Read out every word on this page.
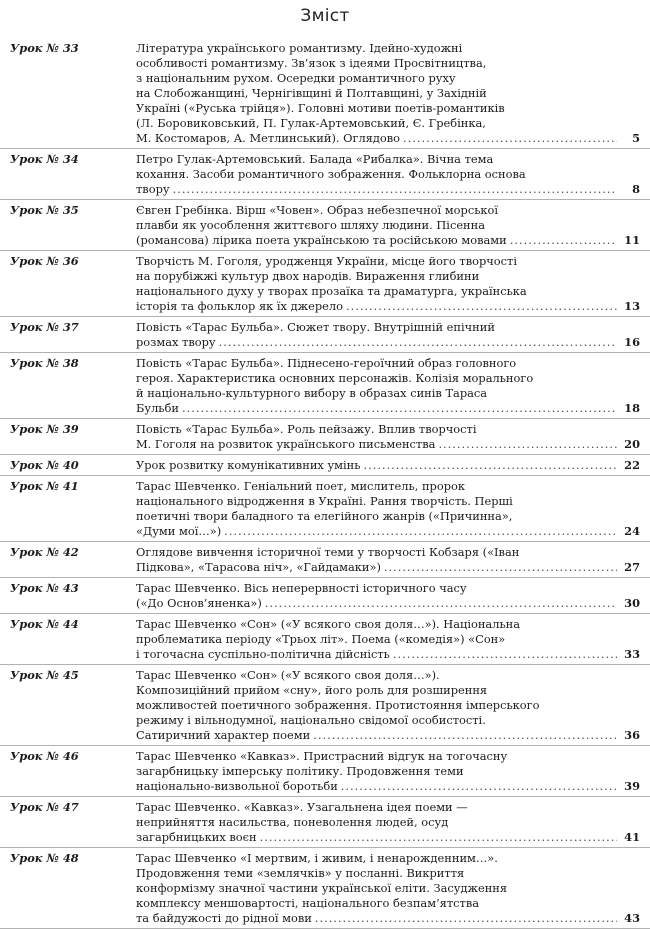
Зміст
Урок № 33	Література українського романтизму. Ідейно-художні
особливості романтизму. Зв’язок з ідеями Просвітництва,
з національним рухом. Осередки романтичного руху
на Слобожанщині, Чернігівщині й Полтавщині, у Західній
Україні («Руська трійця»). Головні мотиви поетів-романтиків
(Л. Боровиковський, П. Гулак-Артемовський, Є. Гребінка,
М. Костомаров, А. Метлинський). Оглядово .....	5
Урок № 34	Петро Гулак-Артемовський. Балада «Рибалка». Вічна тема
кохання. Засоби романтичного зображення. Фольклорна основа
твору .....	8
Урок № 35	Євген Гребінка. Вірш «Човен». Образ небезпечної морської
плавби як уособлення життєвого шляху людини. Пісенна
(романсова) лірика поета українською та російською мовами .....	11
Урок № 36	Творчість М. Гоголя, уродженця України, місце його творчості
на порубіжжі культур двох народів. Вираження глибини
національного духу у творах прозаїка та драматурга, українська
історія та фольклор як їх джерело .....	13
Урок № 37	Повість «Тарас Бульба». Сюжет твору. Внутрішній епічний
розмах твору .....	16
Урок № 38	Повість «Тарас Бульба». Піднесено-героїчний образ головного
героя. Характеристика основних персонажів. Колізія морального
й національно-культурного вибору в образах синів Тараса
Бульби .....	18
Урок № 39	Повість «Тарас Бульба». Роль пейзажу. Вплив творчості
М. Гоголя на розвиток українського письменства .....	20
Урок № 40	Урок розвитку комунікативних умінь .....	22
Урок № 41	Тарас Шевченко. Геніальний поет, мислитель, пророк
національного відродження в Україні. Рання творчість. Перші
поетичні твори баладного та елегійного жанрів («Причинна»,
«Думи мої…») .....	24
Урок № 42	Оглядове вивчення історичної теми у творчості Кобзаря («Іван
Підкова», «Тарасова ніч», «Гайдамаки») .....	27
Урок № 43	Тарас Шевченко. Вісь неперервності історичного часу
(«До Основ’яненка») .....	30
Урок № 44	Тарас Шевченко «Сон» («У всякого своя доля…»). Національна
проблематика періоду «Трьох літ». Поема («комедія») «Сон»
і тогочасна суспільно-політична дійсність .....	33
Урок № 45	Тарас Шевченко «Сон» («У всякого своя доля…»).
Композиційний прийом «сну», його роль для розширення
можливостей поетичного зображення. Протистояння імперського
режиму і вільнодумної, національно свідомої особистості.
Сатиричний характер поеми .....	36
Урок № 46	Тарас Шевченко «Кавказ». Пристрасний відгук на тогочасну
загарбницьку імперську політику. Продовження теми
національно-визвольної боротьби .....	39
Урок № 47	Тарас Шевченко. «Кавказ». Узагальнена ідея поеми —
неприйняття насильства, поневолення людей, осуд
загарбницьких воєн .....	41
Урок № 48	Тарас Шевченко «І мертвим, і живим, і ненарожденним…».
Продовження теми «землячків» у посланні. Викриття
конформізму значної частини української еліти. Засудження
комплексу меншовартості, національного безпам’ятства
та байдужості до рідної мови .....	43
